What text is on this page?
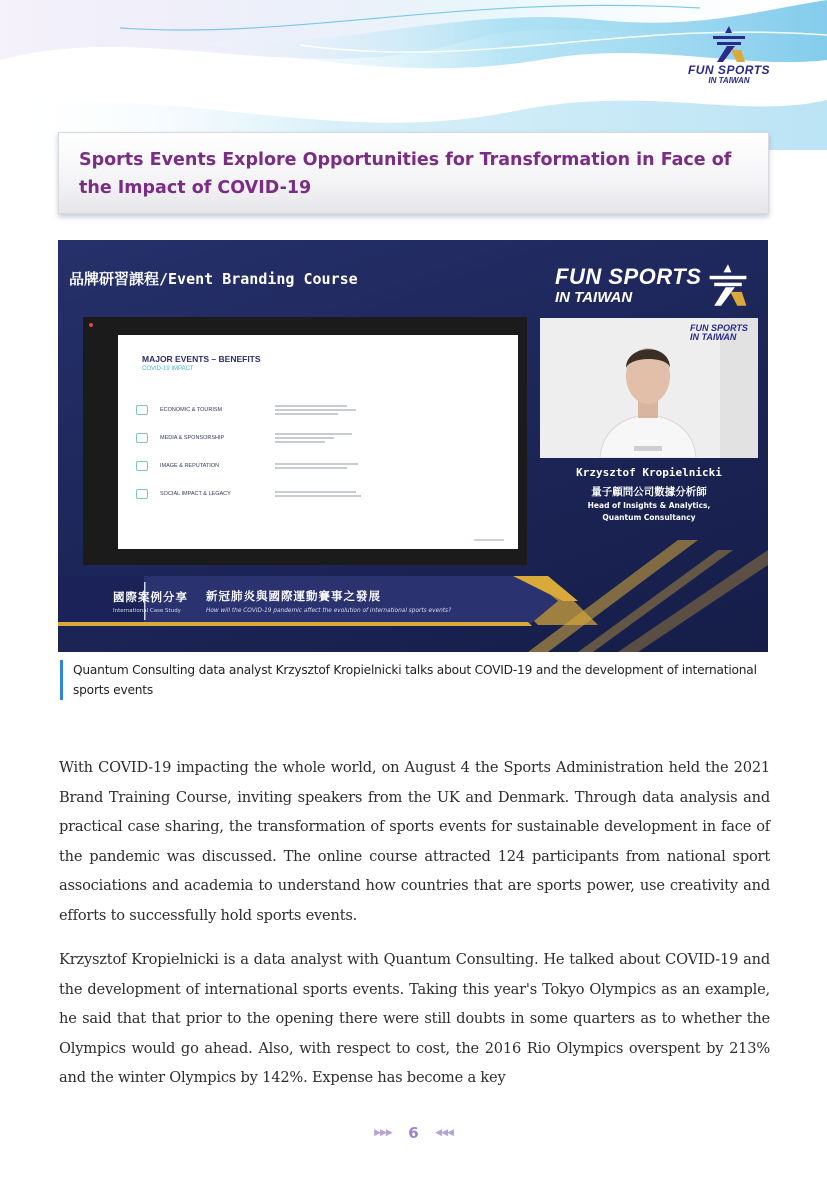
FUN SPORTS
IN TAIWAN
Sports Events Explore Opportunities for Transformation in Face of the Impact of COVID-19
品牌研習課程/Event Branding Course	FUN SPORTS
IN TAIWAN
MAJOR EVENTS – BENEFITS
COVID-19 IMPACT
ECONOMIC & TOURISM
MEDIA & SPONSORSHIP
IMAGE & REPUTATION
SOCIAL IMPACT & LEGACY
FUN SPORTS IN TAIWAN
Krzysztof Kropielnicki
量子顧問公司數據分析師
Head of Insights & Analytics,
Quantum Consultancy
國際案例分享
International Case Study
新冠肺炎與國際運動賽事之發展
How will the COVID-19 pandemic affect the evolution of international sports events?
Quantum Consulting data analyst Krzysztof Kropielnicki talks about COVID-19 and the development of international sports events

With COVID-19 impacting the whole world, on August 4 the Sports Administration held the 2021 Brand Training Course, inviting speakers from the UK and Denmark. Through data analysis and practical case sharing, the transformation of sports events for sustainable development in face of the pandemic was discussed. The online course attracted 124 participants from national sport associations and academia to understand how countries that are sports power, use creativity and efforts to successfully hold sports events.

Krzysztof Kropielnicki is a data analyst with Quantum Consulting. He talked about COVID-19 and the development of international sports events. Taking this year's Tokyo Olympics as an example, he said that that prior to the opening there were still doubts in some quarters as to whether the Olympics would go ahead. Also, with respect to cost, the 2016 Rio Olympics overspent by 213% and the winter Olympics by 142%. Expense has become a key

▶▶▶ 6 ◀◀◀
